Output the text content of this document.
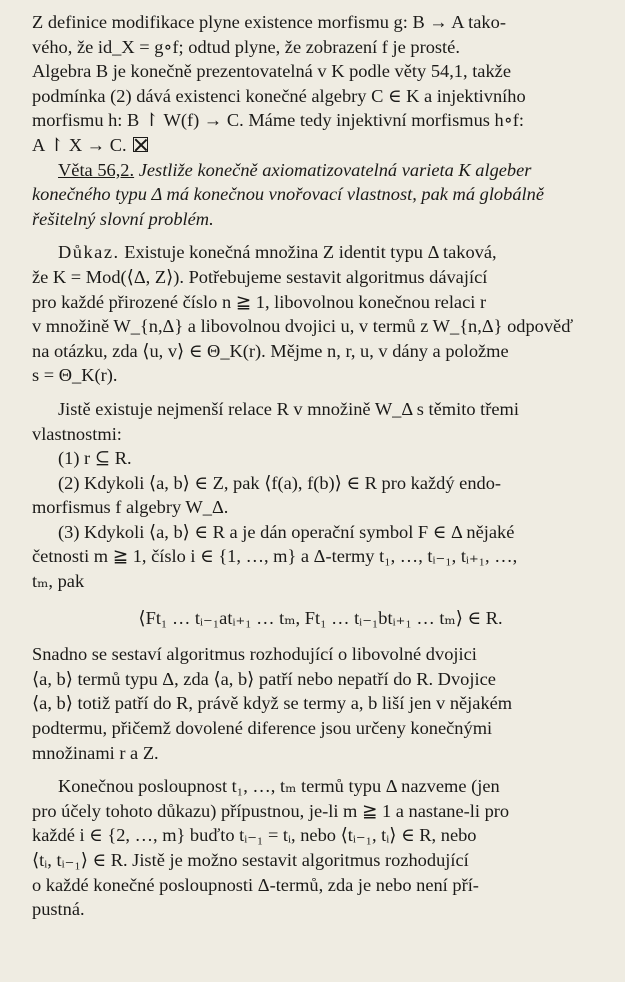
Z definice modifikace plyne existence morfismu g: B → A tako-
vého, že id_X = g∘f; odtud plyne, že zobrazení f je prosté.
Algebra B je konečně prezentovatelná v K podle věty 54,1, takže
podmínka (2) dává existenci konečné algebry C ∈ K a injektivního
morfismu h: B ↾ W(f) → C. Máme tedy injektivní morfismus h∘f:
A ↾ X → C.
Věta 56,2. Jestliže konečně axiomatizovatelná varieta K algeber
konečného typu Δ má konečnou vnořovací vlastnost, pak má globálně
řešitelný slovní problém.
Důkaz. Existuje konečná množina Z identit typu Δ taková,
že K = Mod(⟨Δ, Z⟩). Potřebujeme sestavit algoritmus dávající
pro každé přirozené číslo n ≧ 1, libovolnou konečnou relaci r
v množině W_{n,Δ} a libovolnou dvojici u, v termů z W_{n,Δ} odpověď
na otázku, zda ⟨u, v⟩ ∈ Θ_K(r). Mějme n, r, u, v dány a položme
s = Θ_K(r).
Jistě existuje nejmenší relace R v množině W_Δ s těmito třemi
vlastnostmi:
(1) r ⊆ R.
(2) Kdykoli ⟨a, b⟩ ∈ Z, pak ⟨f(a), f(b)⟩ ∈ R pro každý endo-
morfismus f algebry W_Δ.
(3) Kdykoli ⟨a, b⟩ ∈ R a je dán operační symbol F ∈ Δ nějaké
četnosti m ≧ 1, číslo i ∈ {1, …, m} a Δ-termy t₁, …, tᵢ₋₁, tᵢ₊₁, …,
tₘ, pak
⟨Ft₁ … tᵢ₋₁atᵢ₊₁ … tₘ, Ft₁ … tᵢ₋₁btᵢ₊₁ … tₘ⟩ ∈ R.
Snadno se sestaví algoritmus rozhodující o libovolné dvojici
⟨a, b⟩ termů typu Δ, zda ⟨a, b⟩ patří nebo nepatří do R. Dvojice
⟨a, b⟩ totiž patří do R, právě když se termy a, b liší jen v nějakém
podtermu, přičemž dovolené diference jsou určeny konečnými
množinami r a Z.
Konečnou posloupnost t₁, …, tₘ termů typu Δ nazveme (jen
pro účely tohoto důkazu) přípustnou, je-li m ≧ 1 a nastane-li pro
každé i ∈ {2, …, m} buďto tᵢ₋₁ = tᵢ, nebo ⟨tᵢ₋₁, tᵢ⟩ ∈ R, nebo
⟨tᵢ, tᵢ₋₁⟩ ∈ R. Jistě je možno sestavit algoritmus rozhodující
o každé konečné posloupnosti Δ-termů, zda je nebo není pří-
pustná.
